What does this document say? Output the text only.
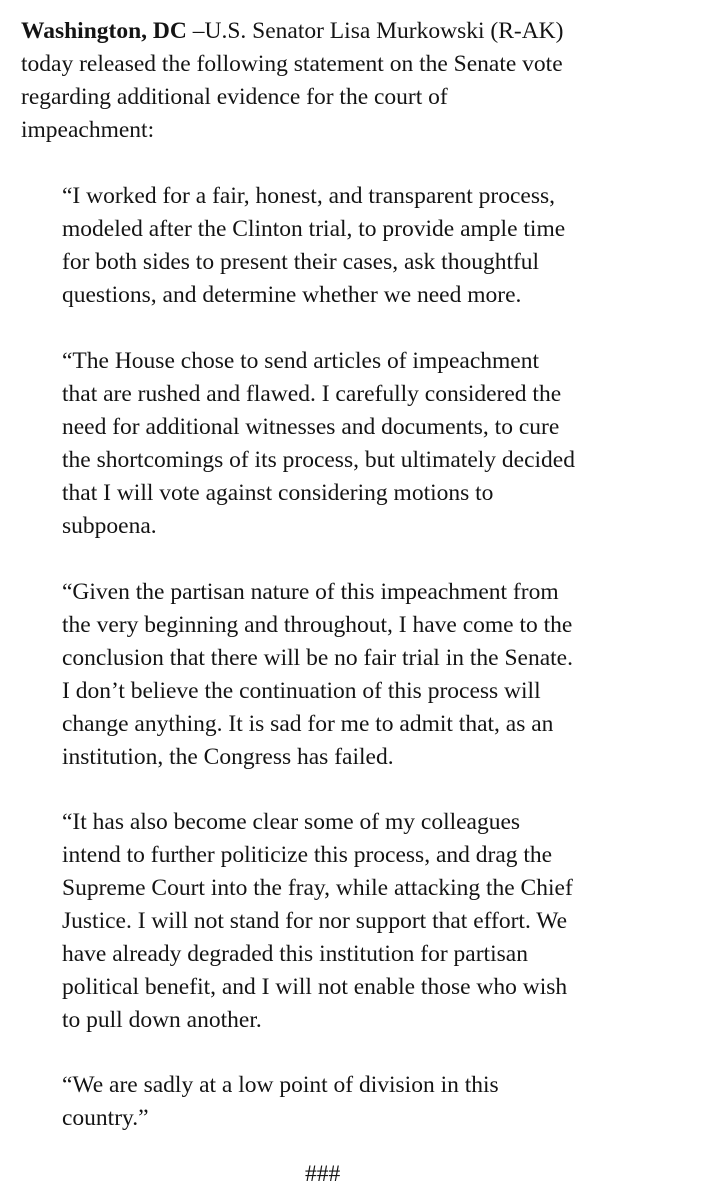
Washington, DC –U.S. Senator Lisa Murkowski (R-AK)

today released the following statement on the Senate vote

regarding additional evidence for the court of

impeachment:

“I worked for a fair, honest, and transparent process,

modeled after the Clinton trial, to provide ample time

for both sides to present their cases, ask thoughtful

questions, and determine whether we need more.

“The House chose to send articles of impeachment

that are rushed and flawed. I carefully considered the

need for additional witnesses and documents, to cure

the shortcomings of its process, but ultimately decided

that I will vote against considering motions to

subpoena.

“Given the partisan nature of this impeachment from

the very beginning and throughout, I have come to the

conclusion that there will be no fair trial in the Senate.

I don’t believe the continuation of this process will

change anything. It is sad for me to admit that, as an

institution, the Congress has failed.

“It has also become clear some of my colleagues

intend to further politicize this process, and drag the

Supreme Court into the fray, while attacking the Chief

Justice. I will not stand for nor support that effort. We

have already degraded this institution for partisan

political benefit, and I will not enable those who wish

to pull down another.

“We are sadly at a low point of division in this

country.”

###
